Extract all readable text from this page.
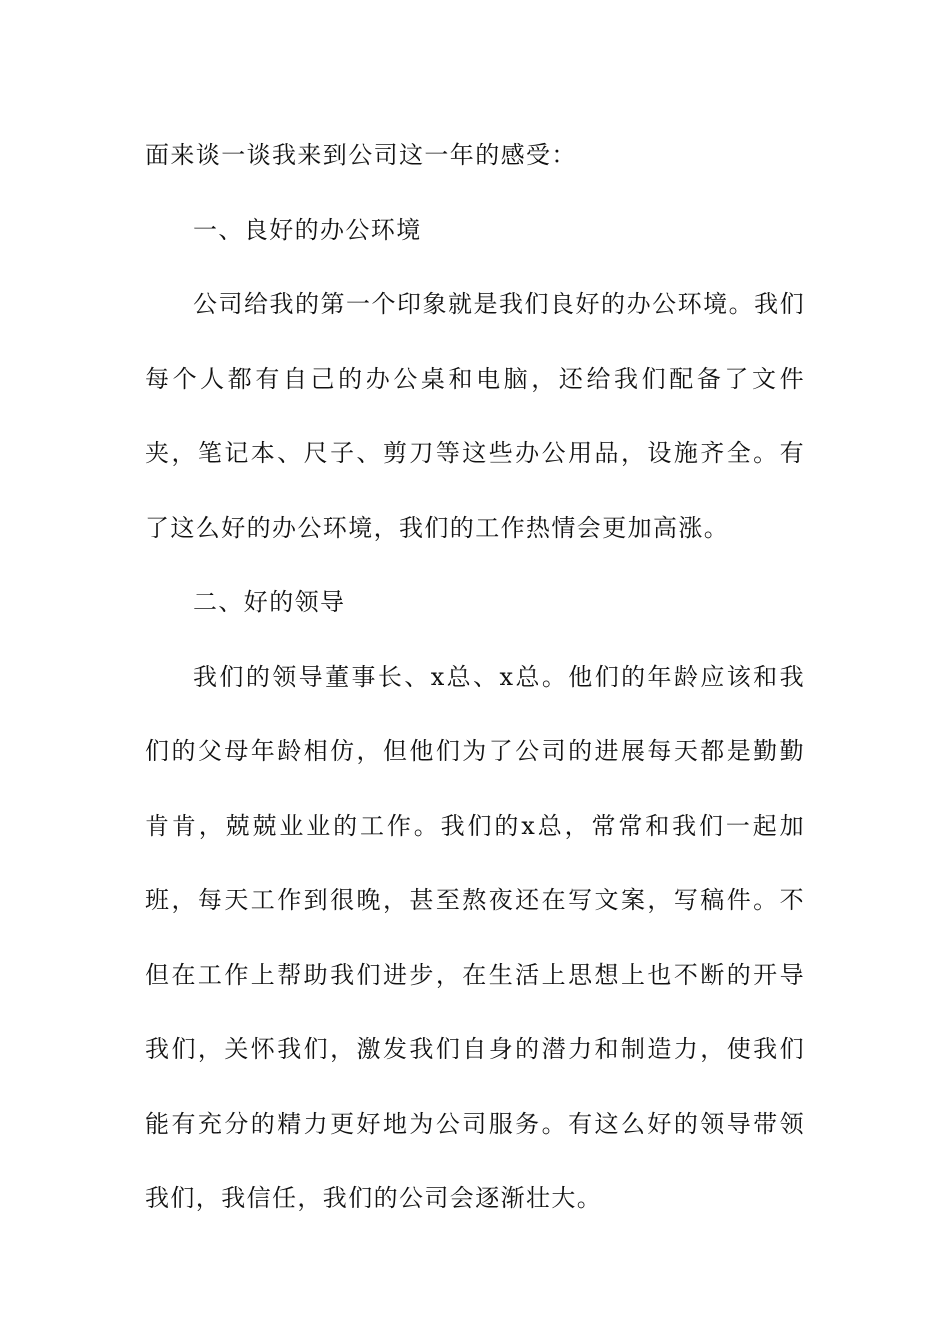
面来谈一谈我来到公司这一年的感受：

一、良好的办公环境

公司给我的第一个印象就是我们良好的办公环境。我们每个人都有自己的办公桌和电脑，还给我们配备了文件夹，笔记本、尺子、剪刀等这些办公用品，设施齐全。有了这么好的办公环境，我们的工作热情会更加高涨。

二、好的领导

我们的领导董事长、x总、x总。他们的年龄应该和我们的父母年龄相仿，但他们为了公司的进展每天都是勤勤肯肯，兢兢业业的工作。我们的x总，常常和我们一起加班，每天工作到很晚，甚至熬夜还在写文案，写稿件。不但在工作上帮助我们进步，在生活上思想上也不断的开导我们，关怀我们，激发我们自身的潜力和制造力，使我们能有充分的精力更好地为公司服务。有这么好的领导带领我们，我信任，我们的公司会逐渐壮大。
